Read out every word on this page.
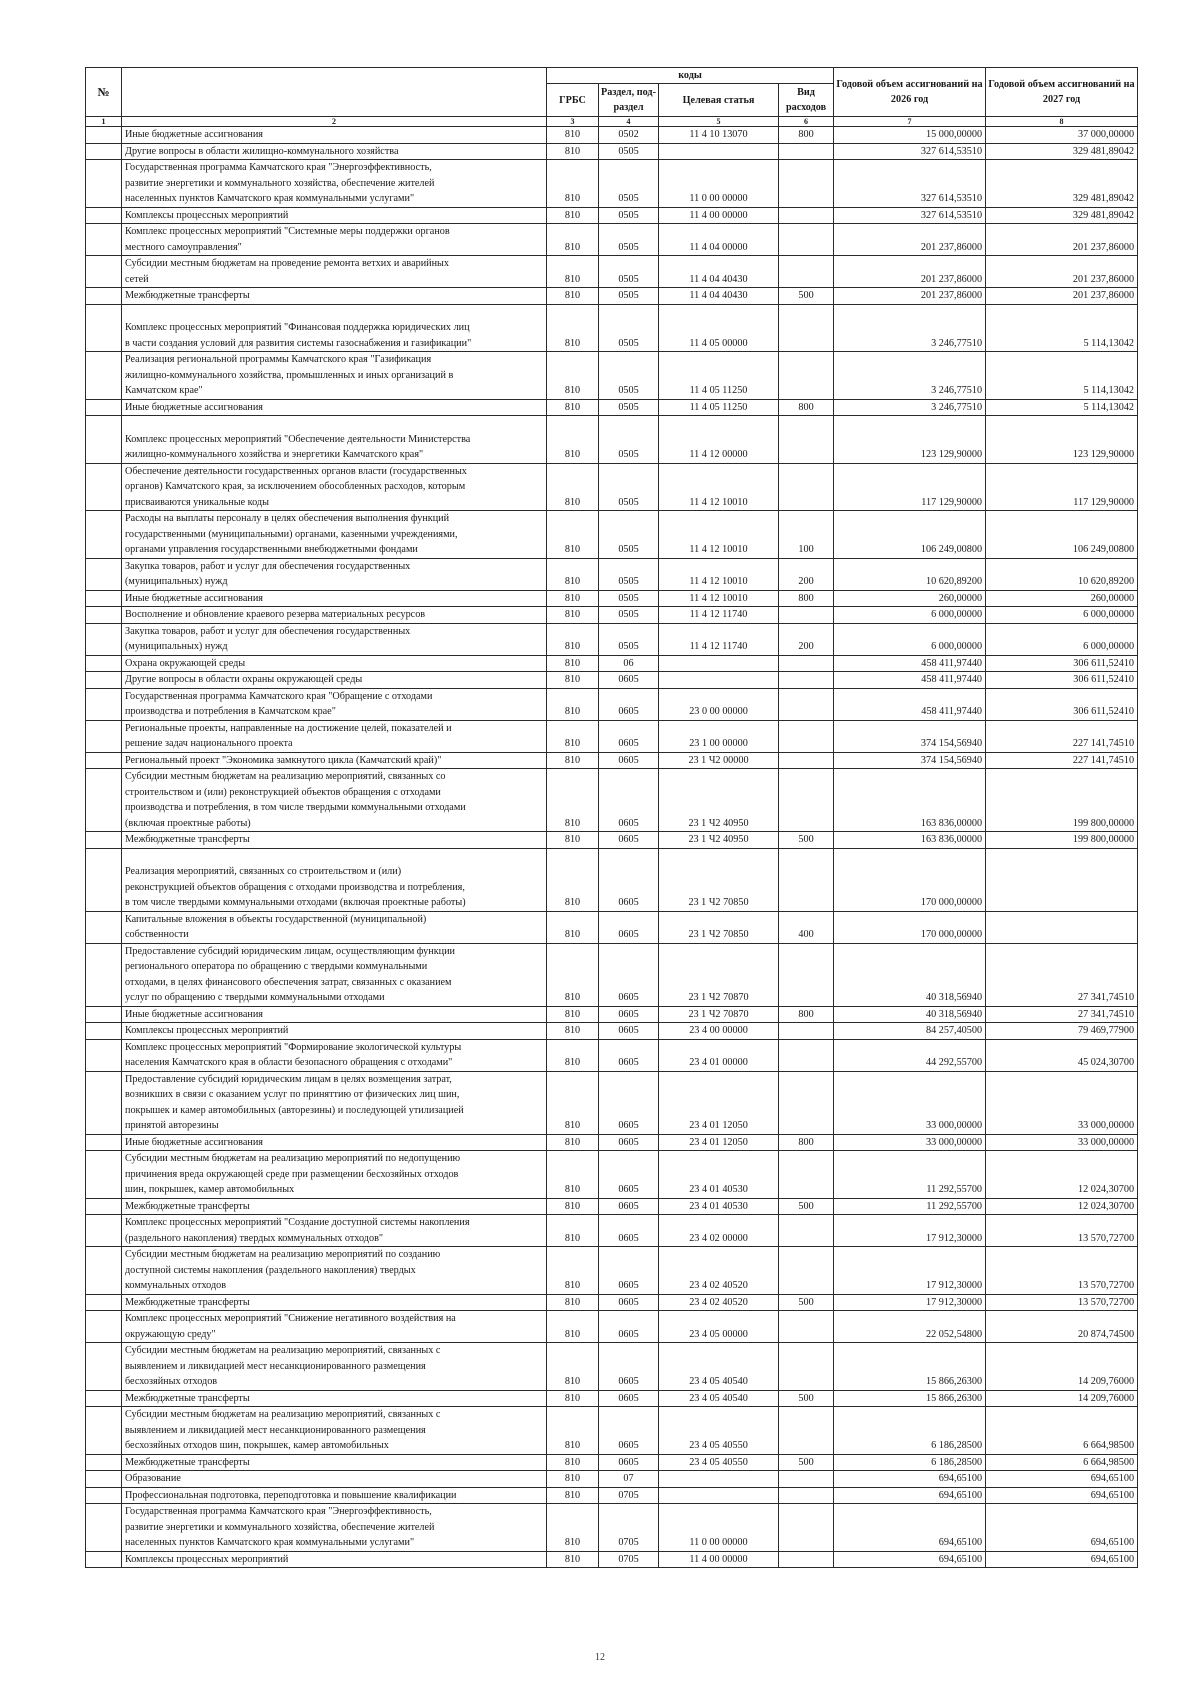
№		коды				Годовой объем ассигнований на 2026 год	Годовой объем ассигнований на 2027 год
		ГРБС	Раздел, под-раздел	Целевая статья	Вид расходов		
1	2	3	4	5	6	7	8

	Иные бюджетные ассигнования	810	0502	11 4 10 13070	800	15 000,00000	37 000,00000

	Другие вопросы в области жилищно-коммунального хозяйства	810	0505			327 614,53510	329 481,89042

	Государственная программа Камчатского края "Энергоэффективность,
развитие энергетики и коммунального хозяйства, обеспечение жителей
населенных пунктов Камчатского края коммунальными услугами"	810	0505	11 0 00 00000		327 614,53510	329 481,89042

	Комплексы процессных мероприятий	810	0505	11 4 00 00000		327 614,53510	329 481,89042

	Комплекс процессных мероприятий "Системные меры поддержки органов
местного самоуправления"	810	0505	11 4 04 00000		201 237,86000	201 237,86000

	Субсидии местным бюджетам на проведение ремонта ветхих и аварийных
сетей	810	0505	11 4 04 40430		201 237,86000	201 237,86000

	Межбюджетные трансферты	810	0505	11 4 04 40430	500	201 237,86000	201 237,86000

	Комплекс процессных мероприятий "Финансовая поддержка юридических лиц
в части создания условий для развития системы газоснабжения и газификации"	810	0505	11 4 05 00000		3 246,77510	5 114,13042

	Реализация региональной программы Камчатского края "Газификация
жилищно-коммунального хозяйства, промышленных и иных организаций в
Камчатском крае"	810	0505	11 4 05 11250		3 246,77510	5 114,13042

	Иные бюджетные ассигнования	810	0505	11 4 05 11250	800	3 246,77510	5 114,13042

	Комплекс процессных мероприятий "Обеспечение деятельности Министерства
жилищно-коммунального хозяйства и энергетики Камчатского края"	810	0505	11 4 12 00000		123 129,90000	123 129,90000

	Обеспечение деятельности государственных органов власти (государственных
органов) Камчатского края, за исключением обособленных расходов, которым
присваиваются уникальные коды	810	0505	11 4 12 10010		117 129,90000	117 129,90000

	Расходы на выплаты персоналу в целях обеспечения выполнения функций
государственными (муниципальными) органами, казенными учреждениями,
органами управления государственными внебюджетными фондами	810	0505	11 4 12 10010	100	106 249,00800	106 249,00800

	Закупка товаров, работ и услуг для обеспечения государственных
(муниципальных) нужд	810	0505	11 4 12 10010	200	10 620,89200	10 620,89200

	Иные бюджетные ассигнования	810	0505	11 4 12 10010	800	260,00000	260,00000

	Восполнение и обновление краевого резерва материальных ресурсов	810	0505	11 4 12 11740		6 000,00000	6 000,00000

	Закупка товаров, работ и услуг для обеспечения государственных
(муниципальных) нужд	810	0505	11 4 12 11740	200	6 000,00000	6 000,00000

	Охрана окружающей среды	810	06			458 411,97440	306 611,52410

	Другие вопросы в области охраны окружающей среды	810	0605			458 411,97440	306 611,52410

	Государственная программа Камчатского края "Обращение с отходами
производства и потребления в Камчатском крае"	810	0605	23 0 00 00000		458 411,97440	306 611,52410

	Региональные проекты, направленные на достижение целей, показателей и
решение задач национального проекта	810	0605	23 1 00 00000		374 154,56940	227 141,74510

	Региональный проект "Экономика замкнутого цикла (Камчатский край)"	810	0605	23 1 Ч2 00000		374 154,56940	227 141,74510

	Субсидии местным бюджетам на реализацию мероприятий, связанных со
строительством и (или) реконструкцией объектов обращения с отходами
производства и потребления, в том числе твердыми коммунальными отходами
(включая проектные работы)	810	0605	23 1 Ч2 40950		163 836,00000	199 800,00000

	Межбюджетные трансферты	810	0605	23 1 Ч2 40950	500	163 836,00000	199 800,00000

	Реализация мероприятий, связанных со строительством и (или)
реконструкцией объектов обращения с отходами производства и потребления,
в том числе твердыми коммунальными отходами (включая проектные работы)	810	0605	23 1 Ч2 70850		170 000,00000	

	Капитальные вложения в объекты государственной (муниципальной)
собственности	810	0605	23 1 Ч2 70850	400	170 000,00000	

	Предоставление субсидий юридическим лицам, осуществляющим функции
регионального оператора по обращению с твердыми коммунальными
отходами, в целях финансового обеспечения затрат, связанных с оказанием
услуг по обращению с твердыми коммунальными отходами	810	0605	23 1 Ч2 70870		40 318,56940	27 341,74510

	Иные бюджетные ассигнования	810	0605	23 1 Ч2 70870	800	40 318,56940	27 341,74510

	Комплексы процессных мероприятий	810	0605	23 4 00 00000		84 257,40500	79 469,77900

	Комплекс процессных мероприятий "Формирование экологической культуры
населения Камчатского края в области безопасного обращения с отходами"	810	0605	23 4 01 00000		44 292,55700	45 024,30700

	Предоставление субсидий юридическим лицам в целях возмещения затрат,
возникших в связи с оказанием услуг по приняттию от физических лиц шин,
покрышек и камер автомобильных (авторезины) и последующей утилизацией
принятой авторезины	810	0605	23 4 01 12050		33 000,00000	33 000,00000

	Иные бюджетные ассигнования	810	0605	23 4 01 12050	800	33 000,00000	33 000,00000

	Субсидии местным бюджетам на реализацию мероприятий по недопущению
причинения вреда окружающей среде при размещении бесхозяйных отходов
шин, покрышек, камер автомобильных	810	0605	23 4 01 40530		11 292,55700	12 024,30700

	Межбюджетные трансферты	810	0605	23 4 01 40530	500	11 292,55700	12 024,30700

	Комплекс процессных мероприятий "Создание доступной системы накопления
(раздельного накопления) твердых коммунальных отходов"	810	0605	23 4 02 00000		17 912,30000	13 570,72700

	Субсидии местным бюджетам на реализацию мероприятий по созданию
доступной системы накопления (раздельного накопления) твердых
коммунальных отходов	810	0605	23 4 02 40520		17 912,30000	13 570,72700

	Межбюджетные трансферты	810	0605	23 4 02 40520	500	17 912,30000	13 570,72700

	Комплекс процессных мероприятий "Снижение негативного воздействия на
окружающую среду"	810	0605	23 4 05 00000		22 052,54800	20 874,74500

	Субсидии местным бюджетам на реализацию мероприятий, связанных с
выявлением и ликвидацией мест несанкционированного размещения
бесхозяйных отходов	810	0605	23 4 05 40540		15 866,26300	14 209,76000

	Межбюджетные трансферты	810	0605	23 4 05 40540	500	15 866,26300	14 209,76000

	Субсидии местным бюджетам на реализацию мероприятий, связанных с
выявлением и ликвидацией мест несанкционированного размещения
бесхозяйных отходов шин, покрышек, камер автомобильных	810	0605	23 4 05 40550		6 186,28500	6 664,98500

	Межбюджетные трансферты	810	0605	23 4 05 40550	500	6 186,28500	6 664,98500

	Образование	810	07			694,65100	694,65100

	Профессиональная подготовка, переподготовка и повышение квалификации	810	0705			694,65100	694,65100

	Государственная программа Камчатского края "Энергоэффективность,
развитие энергетики и коммунального хозяйства, обеспечение жителей
населенных пунктов Камчатского края коммунальными услугами"	810	0705	11 0 00 00000		694,65100	694,65100

	Комплексы процессных мероприятий	810	0705	11 4 00 00000		694,65100	694,65100
12
